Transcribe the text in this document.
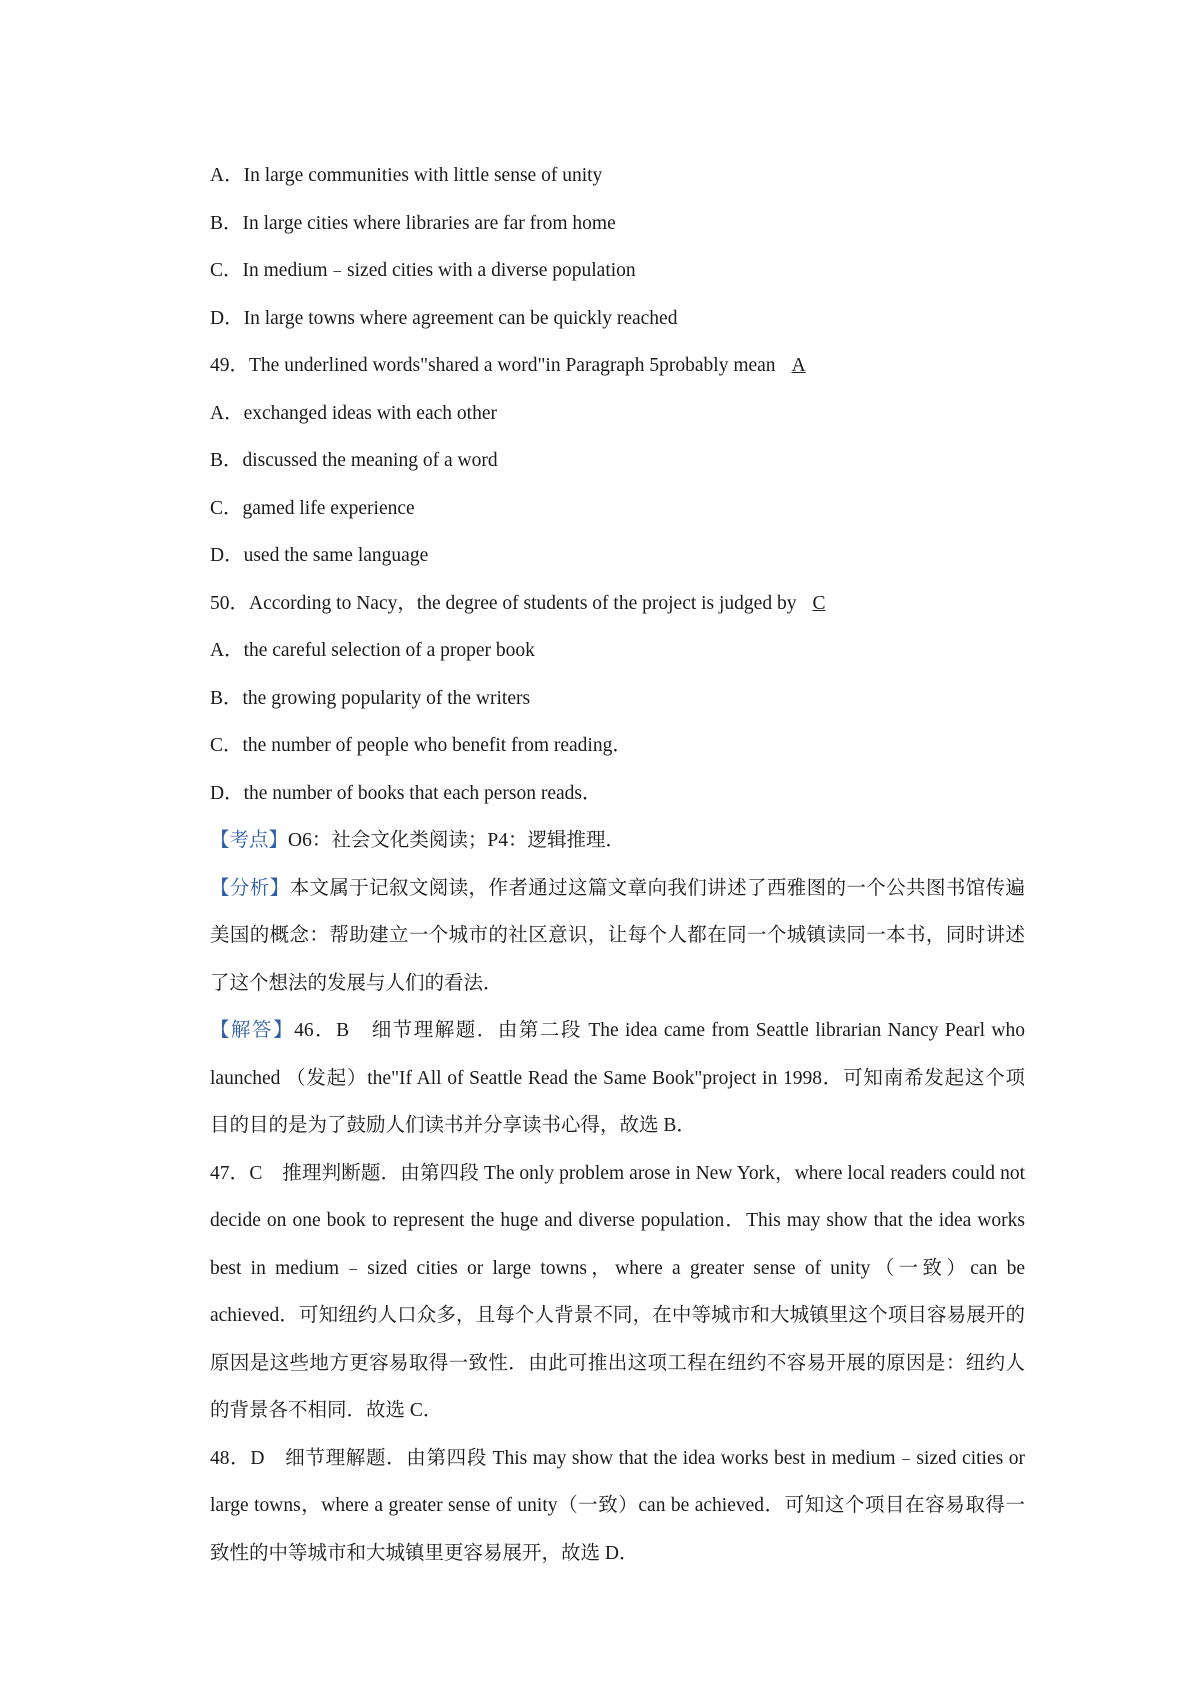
A．In large communities with little sense of unity
B．In large cities where libraries are far from home
C．In medium﹣sized cities with a diverse population
D．In large towns where agreement can be quickly reached
49．The underlined words"shared a word"in Paragraph 5probably mean A
A．exchanged ideas with each other
B．discussed the meaning of a word
C．gamed life experience
D．used the same language
50．According to Nacy，the degree of students of the project is judged by C
A．the careful selection of a proper book
B．the growing popularity of the writers
C．the number of people who benefit from reading．
D．the number of books that each person reads．
【考点】O6：社会文化类阅读；P4：逻辑推理．
【分析】本文属于记叙文阅读，作者通过这篇文章向我们讲述了西雅图的一个公共图书馆传遍美国的概念：帮助建立一个城市的社区意识，让每个人都在同一个城镇读同一本书，同时讲述了这个想法的发展与人们的看法．
【解答】46．B　细节理解题．由第二段 The idea came from Seattle librarian Nancy Pearl who launched （发起）the"If All of Seattle Read the Same Book"project in 1998．可知南希发起这个项目的目的是为了鼓励人们读书并分享读书心得，故选 B．
47．C　推理判断题．由第四段 The only problem arose in New York，where local readers could not decide on one book to represent the huge and diverse population．This may show that the idea works best in medium﹣sized cities or large towns，where a greater sense of unity（一致）can be achieved．可知纽约人口众多，且每个人背景不同，在中等城市和大城镇里这个项目容易展开的原因是这些地方更容易取得一致性．由此可推出这项工程在纽约不容易开展的原因是：纽约人的背景各不相同．故选 C．
48．D　细节理解题．由第四段 This may show that the idea works best in medium﹣sized cities or large towns，where a greater sense of unity（一致）can be achieved．可知这个项目在容易取得一致性的中等城市和大城镇里更容易展开，故选 D．
